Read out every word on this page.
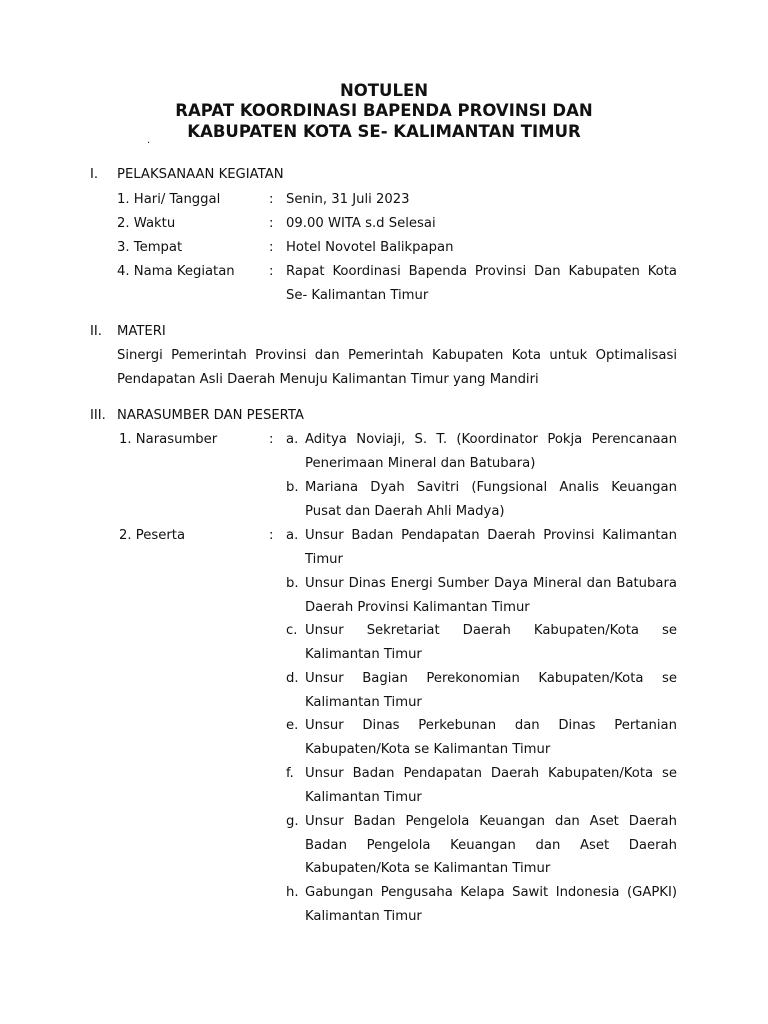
NOTULEN
RAPAT KOORDINASI BAPENDA PROVINSI DAN
KABUPATEN KOTA SE- KALIMANTAN TIMUR
.
I. PELAKSANAAN KEGIATAN
1. Hari/ Tanggal	: Senin, 31 Juli 2023
2. Waktu	: 09.00 WITA s.d Selesai
3. Tempat	: Hotel Novotel Balikpapan
4. Nama Kegiatan	: Rapat Koordinasi Bapenda Provinsi Dan Kabupaten Kota
Se- Kalimantan Timur
II. MATERI
Sinergi Pemerintah Provinsi dan Pemerintah Kabupaten Kota untuk Optimalisasi
Pendapatan Asli Daerah Menuju Kalimantan Timur yang Mandiri
III. NARASUMBER DAN PESERTA
1. Narasumber	: a. Aditya Noviaji, S. T. (Koordinator Pokja Perencanaan
Penerimaan Mineral dan Batubara)
b. Mariana Dyah Savitri (Fungsional Analis Keuangan
Pusat dan Daerah Ahli Madya)
2. Peserta	: a. Unsur Badan Pendapatan Daerah Provinsi Kalimantan
Timur
b. Unsur Dinas Energi Sumber Daya Mineral dan Batubara
Daerah Provinsi Kalimantan Timur
c. Unsur Sekretariat Daerah Kabupaten/Kota se
Kalimantan Timur
d. Unsur Bagian Perekonomian Kabupaten/Kota se
Kalimantan Timur
e. Unsur Dinas Perkebunan dan Dinas Pertanian
Kabupaten/Kota se Kalimantan Timur
f. Unsur Badan Pendapatan Daerah Kabupaten/Kota se
Kalimantan Timur
g. Unsur Badan Pengelola Keuangan dan Aset Daerah
Badan Pengelola Keuangan dan Aset Daerah
Kabupaten/Kota se Kalimantan Timur
h. Gabungan Pengusaha Kelapa Sawit Indonesia (GAPKI)
Kalimantan Timur
